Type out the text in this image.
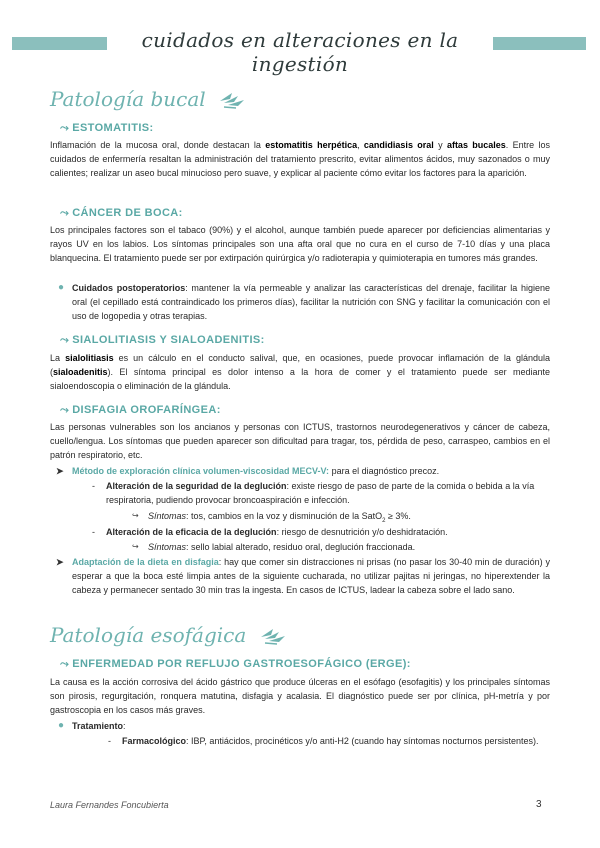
cuidados en alteraciones en la ingestión
Patología bucal
⤳ ESTOMATITIS:
Inflamación de la mucosa oral, donde destacan la estomatitis herpética, candidiasis oral y aftas bucales. Entre los cuidados de enfermería resaltan la administración del tratamiento prescrito, evitar alimentos ácidos, muy sazonados o muy calientes; realizar un aseo bucal minucioso pero suave, y explicar al paciente cómo evitar los factores para la aparición.
⤳ CÁNCER DE BOCA:
Los principales factores son el tabaco (90%) y el alcohol, aunque también puede aparecer por deficiencias alimentarias y rayos UV en los labios. Los síntomas principales son una afta oral que no cura en el curso de 7-10 días y una placa blanquecina. El tratamiento puede ser por extirpación quirúrgica y/o radioterapia y quimioterapia en tumores más grandes.
● Cuidados postoperatorios: mantener la vía permeable y analizar las características del drenaje, facilitar la higiene oral (el cepillado está contraindicado los primeros días), facilitar la nutrición con SNG y facilitar la comunicación con el uso de logopedia y otras terapias.
⤳ SIALOLITIASIS Y SIALOADENITIS:
La sialolitiasis es un cálculo en el conducto salival, que, en ocasiones, puede provocar inflamación de la glándula (sialoadenitis). El síntoma principal es dolor intenso a la hora de comer y el tratamiento puede ser mediante sialoendoscopia o eliminación de la glándula.
⤳ DISFAGIA OROFARÍNGEA:
Las personas vulnerables son los ancianos y personas con ICTUS, trastornos neurodegenerativos y cáncer de cabeza, cuello/lengua. Los síntomas que pueden aparecer son dificultad para tragar, tos, pérdida de peso, carraspeo, cambios en el patrón respiratorio, etc.
➤ Método de exploración clínica volumen-viscosidad MECV-V: para el diagnóstico precoz.
- Alteración de la seguridad de la deglución: existe riesgo de paso de parte de la comida o bebida a la vía respiratoria, pudiendo provocar broncoaspiración e infección.
↪ Síntomas: tos, cambios en la voz y disminución de la SatO$_2$ ≥ 3%.
- Alteración de la eficacia de la deglución: riesgo de desnutrición y/o deshidratación.
↪ Síntomas: sello labial alterado, residuo oral, deglución fraccionada.
➤ Adaptación de la dieta en disfagia: hay que comer sin distracciones ni prisas (no pasar los 30-40 min de duración) y esperar a que la boca esté limpia antes de la siguiente cucharada, no utilizar pajitas ni jeringas, no hiperextender la cabeza y permanecer sentado 30 min tras la ingesta. En casos de ICTUS, ladear la cabeza sobre el lado sano.
Patología esofágica
⤳ ENFERMEDAD POR REFLUJO GASTROESOFÁGICO (ERGE):
La causa es la acción corrosiva del ácido gástrico que produce úlceras en el esófago (esofagitis) y los principales síntomas son pirosis, regurgitación, ronquera matutina, disfagia y acalasia. El diagnóstico puede ser por clínica, pH-metría y por gastroscopia en los casos más graves.
● Tratamiento:
- Farmacológico: IBP, antiácidos, procinéticos y/o anti-H2 (cuando hay síntomas nocturnos persistentes).
Laura Fernandes Foncubierta	3
